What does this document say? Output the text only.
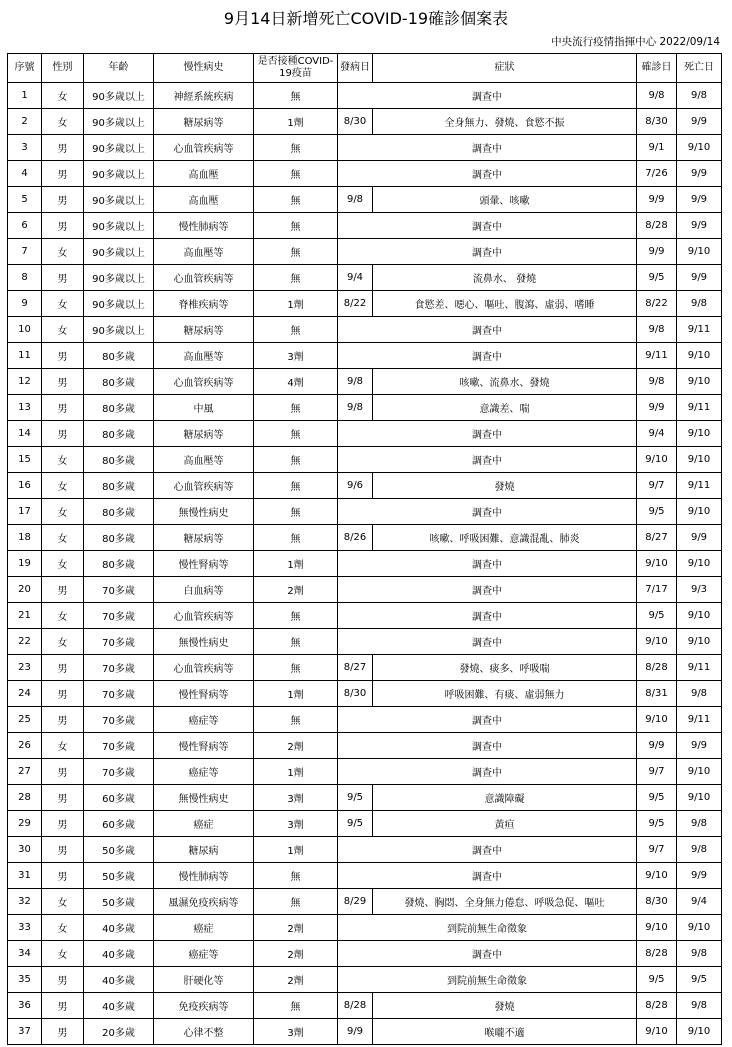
9月14日新增死亡COVID-19確診個案表
中央流行疫情指揮中心 2022/09/14
序號	性別	年齡	慢性病史	是否接種COVID-19疫苗	發病日	症狀	確診日	死亡日
1	女	90多歲以上	神經系統疾病	無	調查中		9/8	9/8
2	女	90多歲以上	糖尿病等	1劑	8/30	全身無力、發燒、食慾不振	8/30	9/9
3	男	90多歲以上	心血管疾病等	無	調查中		9/1	9/10
4	男	90多歲以上	高血壓	無	調查中		7/26	9/9
5	男	90多歲以上	高血壓	無	9/8	頭暈、咳嗽	9/9	9/9
6	男	90多歲以上	慢性肺病等	無	調查中		8/28	9/9
7	女	90多歲以上	高血壓等	無	調查中		9/9	9/10
8	男	90多歲以上	心血管疾病等	無	9/4	流鼻水、 發燒	9/5	9/9
9	女	90多歲以上	脊椎疾病等	1劑	8/22	食慾差、噁心、嘔吐、腹瀉、虛弱、嗜睡	8/22	9/8
10	女	90多歲以上	糖尿病等	無	調查中		9/8	9/11
11	男	80多歲	高血壓等	3劑	調查中		9/11	9/10
12	男	80多歲	心血管疾病等	4劑	9/8	咳嗽、流鼻水、發燒	9/8	9/10
13	男	80多歲	中風	無	9/8	意識差、喘	9/9	9/11
14	男	80多歲	糖尿病等	無	調查中		9/4	9/10
15	女	80多歲	高血壓等	無	調查中		9/10	9/10
16	女	80多歲	心血管疾病等	無	9/6	發燒	9/7	9/11
17	女	80多歲	無慢性病史	無	調查中		9/5	9/10
18	女	80多歲	糖尿病等	無	8/26	咳嗽、呼吸困難、意識混亂、肺炎	8/27	9/9
19	女	80多歲	慢性腎病等	1劑	調查中		9/10	9/10
20	男	70多歲	白血病等	2劑	調查中		7/17	9/3
21	女	70多歲	心血管疾病等	無	調查中		9/5	9/10
22	女	70多歲	無慢性病史	無	調查中		9/10	9/10
23	男	70多歲	心血管疾病等	無	8/27	發燒、痰多、呼吸喘	8/28	9/11
24	男	70多歲	慢性腎病等	1劑	8/30	呼吸困難、有痰、虛弱無力	8/31	9/8
25	男	70多歲	癌症等	無	調查中		9/10	9/11
26	女	70多歲	慢性腎病等	2劑	調查中		9/9	9/9
27	男	70多歲	癌症等	1劑	調查中		9/7	9/10
28	男	60多歲	無慢性病史	3劑	9/5	意識障礙	9/5	9/10
29	男	60多歲	癌症	3劑	9/5	黃疸	9/5	9/8
30	男	50多歲	糖尿病	1劑	調查中		9/7	9/8
31	男	50多歲	慢性肺病等	無	調查中		9/10	9/9
32	女	50多歲	風濕免疫疾病等	無	8/29	發燒、胸悶、全身無力倦怠、呼吸急促、嘔吐	8/30	9/4
33	女	40多歲	癌症	2劑	到院前無生命徵象		9/10	9/10
34	女	40多歲	癌症等	2劑	調查中		8/28	9/8
35	男	40多歲	肝硬化等	2劑	到院前無生命徵象		9/5	9/5
36	男	40多歲	免疫疾病等	無	8/28	發燒	8/28	9/8
37	男	20多歲	心律不整	3劑	9/9	喉嚨不適	9/10	9/10
